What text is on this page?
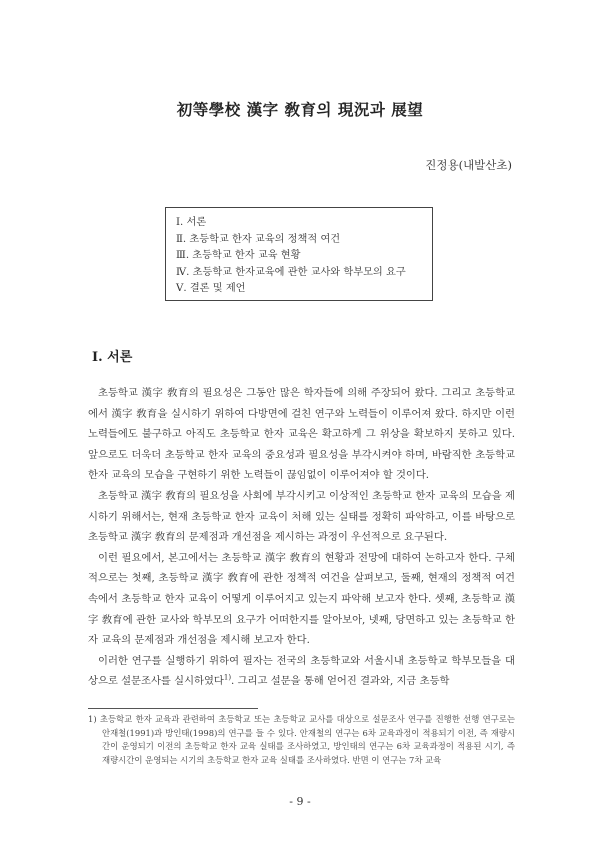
初等學校 漢字 敎育의 現況과 展望
진정용(내발산초)
Ⅰ. 서론
Ⅱ. 초등학교 한자 교육의 정책적 여건
Ⅲ. 초등학교 한자 교육 현황
Ⅳ. 초등학교 한자교육에 관한 교사와 학부모의 요구
Ⅴ. 결론 및 제언
Ⅰ. 서론

초등학교 漢字 敎育의 필요성은 그동안 많은 학자들에 의해 주장되어 왔다. 그리고 초등학교에서 漢字 敎育을 실시하기 위하여 다방면에 걸친 연구와 노력들이 이루어져 왔다. 하지만 이런 노력들에도 불구하고 아직도 초등학교 한자 교육은 확고하게 그 위상을 확보하지 못하고 있다. 앞으로도 더욱더 초등학교 한자 교육의 중요성과 필요성을 부각시켜야 하며, 바람직한 초등학교 한자 교육의 모습을 구현하기 위한 노력들이 끊임없이 이루어져야 할 것이다.

초등학교 漢字 敎育의 필요성을 사회에 부각시키고 이상적인 초등학교 한자 교육의 모습을 제시하기 위해서는, 현재 초등학교 한자 교육이 처해 있는 실태를 정확히 파악하고, 이를 바탕으로 초등학교 漢字 敎育의 문제점과 개선점을 제시하는 과정이 우선적으로 요구된다.

이런 필요에서, 본고에서는 초등학교 漢字 敎育의 현황과 전망에 대하여 논하고자 한다. 구체적으로는 첫째, 초등학교 漢字 敎育에 관한 정책적 여건을 살펴보고, 둘째, 현재의 정책적 여건 속에서 초등학교 한자 교육이 어떻게 이루어지고 있는지 파악해 보고자 한다. 셋째, 초등학교 漢字 敎育에 관한 교사와 학부모의 요구가 어떠한지를 알아보아, 넷째, 당면하고 있는 초등학교 한자 교육의 문제점과 개선점을 제시해 보고자 한다.

이러한 연구를 실행하기 위하여 필자는 전국의 초등학교와 서울시내 초등학교 학부모들을 대상으로 설문조사를 실시하였다$^{1)}$. 그리고 설문을 통해 얻어진 결과와, 지금 초등학

1) 초등학교 한자 교육과 관련하여 초등학교 또는 초등학교 교사를 대상으로 설문조사 연구를 진행한 선행 연구로는 안재철(1991)과 방인태(1998)의 연구를 들 수 있다. 안재철의 연구는 6차 교육과정이 적용되기 이전, 즉 재량시간이 운영되기 이전의 초등학교 한자 교육 실태를 조사하였고, 방인태의 연구는 6차 교육과정이 적용된 시기, 즉 재량시간이 운영되는 시기의 초등학교 한자 교육 실태를 조사하였다. 반면 이 연구는 7차 교육
- 9 -
